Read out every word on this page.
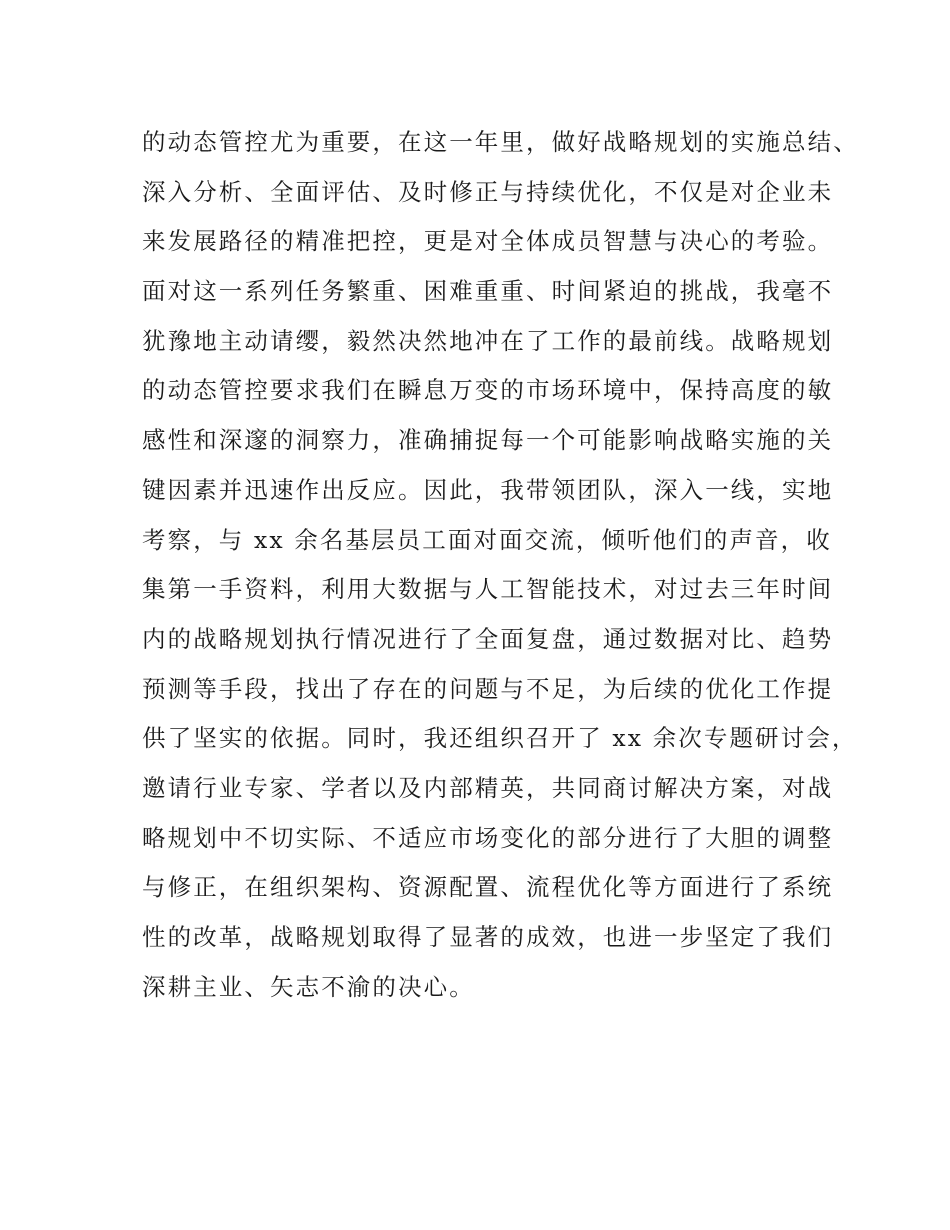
的动态管控尤为重要，在这一年里，做好战略规划的实施总结、
深入分析、全面评估、及时修正与持续优化，不仅是对企业未
来发展路径的精准把控，更是对全体成员智慧与决心的考验。
面对这一系列任务繁重、困难重重、时间紧迫的挑战，我毫不
犹豫地主动请缨，毅然决然地冲在了工作的最前线。战略规划
的动态管控要求我们在瞬息万变的市场环境中，保持高度的敏
感性和深邃的洞察力，准确捕捉每一个可能影响战略实施的关
键因素并迅速作出反应。因此，我带领团队，深入一线，实地
考察，与 xx 余名基层员工面对面交流，倾听他们的声音，收
集第一手资料，利用大数据与人工智能技术，对过去三年时间
内的战略规划执行情况进行了全面复盘，通过数据对比、趋势
预测等手段，找出了存在的问题与不足，为后续的优化工作提
供了坚实的依据。同时，我还组织召开了 xx 余次专题研讨会，
邀请行业专家、学者以及内部精英，共同商讨解决方案，对战
略规划中不切实际、不适应市场变化的部分进行了大胆的调整
与修正，在组织架构、资源配置、流程优化等方面进行了系统
性的改革，战略规划取得了显著的成效，也进一步坚定了我们
深耕主业、矢志不渝的决心。
